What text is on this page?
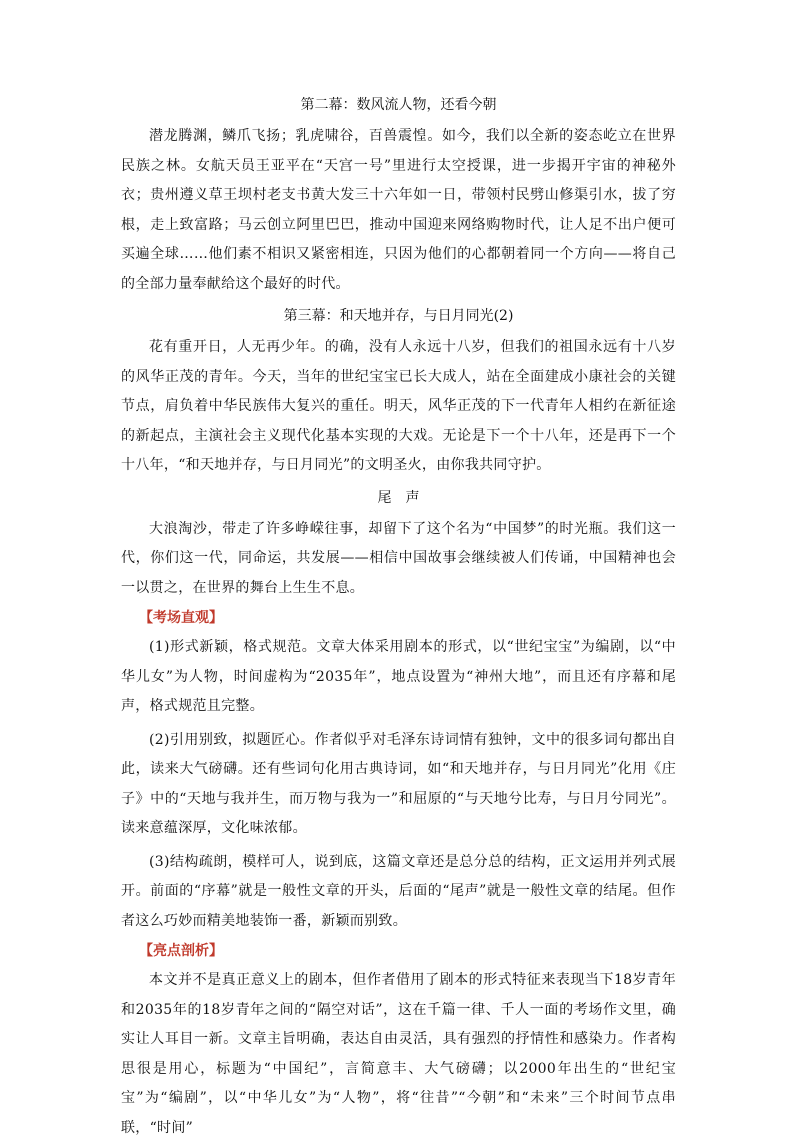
第二幕：数风流人物，还看今朝

潜龙腾渊，鳞爪飞扬；乳虎啸谷，百兽震惶。如今，我们以全新的姿态屹立在世界民族之林。女航天员王亚平在“天宫一号”里进行太空授课，进一步揭开宇宙的神秘外衣；贵州遵义草王坝村老支书黄大发三十六年如一日，带领村民劈山修渠引水，拔了穷根，走上致富路；马云创立阿里巴巴，推动中国迎来网络购物时代，让人足不出户便可买遍全球……他们素不相识又紧密相连，只因为他们的心都朝着同一个方向——将自己的全部力量奉献给这个最好的时代。

第三幕：和天地并存，与日月同光(2)

花有重开日，人无再少年。的确，没有人永远十八岁，但我们的祖国永远有十八岁的风华正茂的青年。今天，当年的世纪宝宝已长大成人，站在全面建成小康社会的关键节点，肩负着中华民族伟大复兴的重任。明天，风华正茂的下一代青年人相约在新征途的新起点，主演社会主义现代化基本实现的大戏。无论是下一个十八年，还是再下一个十八年，“和天地并存，与日月同光”的文明圣火，由你我共同守护。

尾　声

大浪淘沙，带走了许多峥嵘往事，却留下了这个名为“中国梦”的时光瓶。我们这一代，你们这一代，同命运，共发展——相信中国故事会继续被人们传诵，中国精神也会一以贯之，在世界的舞台上生生不息。

【考场直观】

(1)形式新颖，格式规范。文章大体采用剧本的形式，以“世纪宝宝”为编剧，以“中华儿女”为人物，时间虚构为“2035年”，地点设置为“神州大地”，而且还有序幕和尾声，格式规范且完整。

(2)引用别致，拟题匠心。作者似乎对毛泽东诗词情有独钟，文中的很多词句都出自此，读来大气磅礴。还有些词句化用古典诗词，如“和天地并存，与日月同光”化用《庄子》中的“天地与我并生，而万物与我为一”和屈原的“与天地兮比寿，与日月兮同光”。读来意蕴深厚，文化味浓郁。

(3)结构疏朗，模样可人，说到底，这篇文章还是总分总的结构，正文运用并列式展开。前面的“序幕”就是一般性文章的开头，后面的“尾声”就是一般性文章的结尾。但作者这么巧妙而精美地装饰一番，新颖而别致。

【亮点剖析】

本文并不是真正意义上的剧本，但作者借用了剧本的形式特征来表现当下18岁青年和2035年的18岁青年之间的“隔空对话”，这在千篇一律、千人一面的考场作文里，确实让人耳目一新。文章主旨明确，表达自由灵活，具有强烈的抒情性和感染力。作者构思很是用心，标题为“中国纪”，言简意丰、大气磅礴；以2000年出生的“世纪宝宝”为“编剧”，以“中华儿女”为“人物”，将“往昔”“今朝”和“未来”三个时间节点串联，“时间”
